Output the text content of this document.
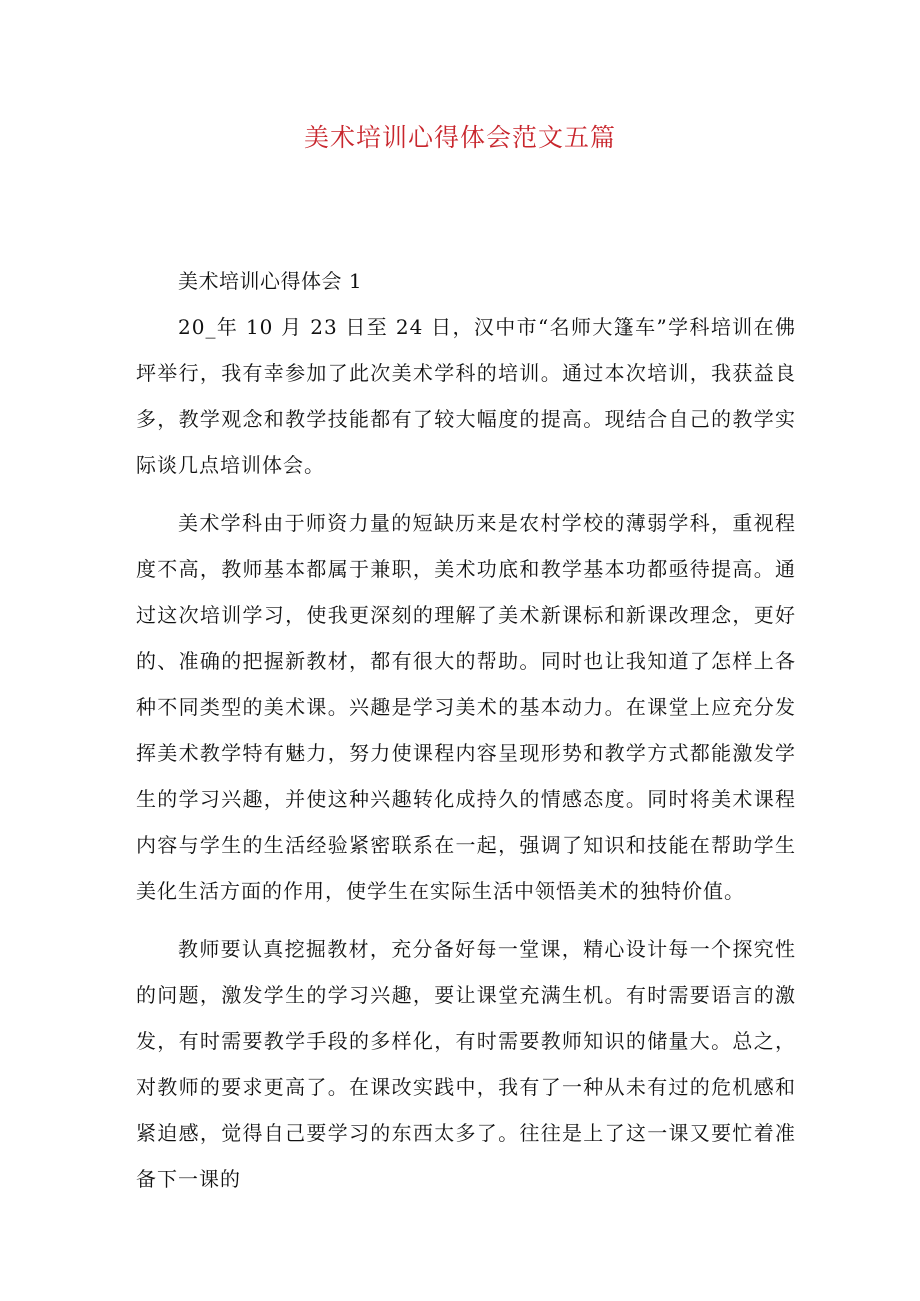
美术培训心得体会范文五篇
美术培训心得体会 1

20_年 10 月 23 日至 24 日，汉中市“名师大篷车”学科培训在佛坪举行，我有幸参加了此次美术学科的培训。通过本次培训，我获益良多，教学观念和教学技能都有了较大幅度的提高。现结合自己的教学实际谈几点培训体会。

美术学科由于师资力量的短缺历来是农村学校的薄弱学科，重视程度不高，教师基本都属于兼职，美术功底和教学基本功都亟待提高。通过这次培训学习，使我更深刻的理解了美术新课标和新课改理念，更好的、准确的把握新教材，都有很大的帮助。同时也让我知道了怎样上各种不同类型的美术课。兴趣是学习美术的基本动力。在课堂上应充分发挥美术教学特有魅力，努力使课程内容呈现形势和教学方式都能激发学生的学习兴趣，并使这种兴趣转化成持久的情感态度。同时将美术课程内容与学生的生活经验紧密联系在一起，强调了知识和技能在帮助学生美化生活方面的作用，使学生在实际生活中领悟美术的独特价值。

教师要认真挖掘教材，充分备好每一堂课，精心设计每一个探究性的问题，激发学生的学习兴趣，要让课堂充满生机。有时需要语言的激发，有时需要教学手段的多样化，有时需要教师知识的储量大。总之，对教师的要求更高了。在课改实践中，我有了一种从未有过的危机感和紧迫感，觉得自己要学习的东西太多了。往往是上了这一课又要忙着准备下一课的
